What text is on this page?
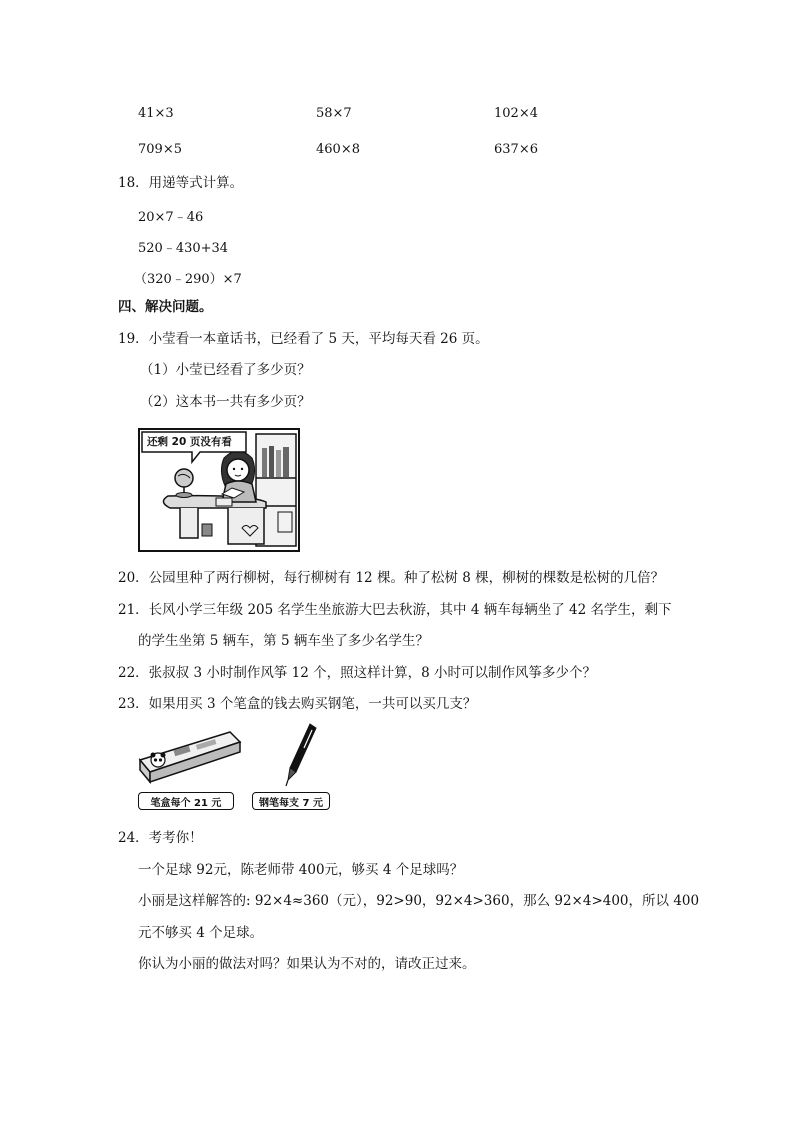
41×3	58×7	102×4
709×5	460×8	637×6
18．用递等式计算。
20×7﹣46
520﹣430+34
（320﹣290）×7
四、解决问题。
19．小莹看一本童话书，已经看了 5 天，平均每天看 26 页。
（1）小莹已经看了多少页？
（2）这本书一共有多少页？
还剩 20 页没有看
20．公园里种了两行柳树，每行柳树有 12 棵。种了松树 8 棵，柳树的棵数是松树的几倍？
21．长风小学三年级 205 名学生坐旅游大巴去秋游，其中 4 辆车每辆坐了 42 名学生，剩下
的学生坐第 5 辆车，第 5 辆车坐了多少名学生？
22．张叔叔 3 小时制作风筝 12 个，照这样计算，8 小时可以制作风筝多少个？
23．如果用买 3 个笔盒的钱去购买钢笔，一共可以买几支？
笔盒每个 21 元	钢笔每支 7 元
24．考考你！
一个足球 92元，陈老师带 400元，够买 4 个足球吗？
小丽是这样解答的: 92×4≈360（元），92>90，92×4>360，那么 92×4>400，所以 400
元不够买 4 个足球。
你认为小丽的做法对吗？如果认为不对的，请改正过来。
